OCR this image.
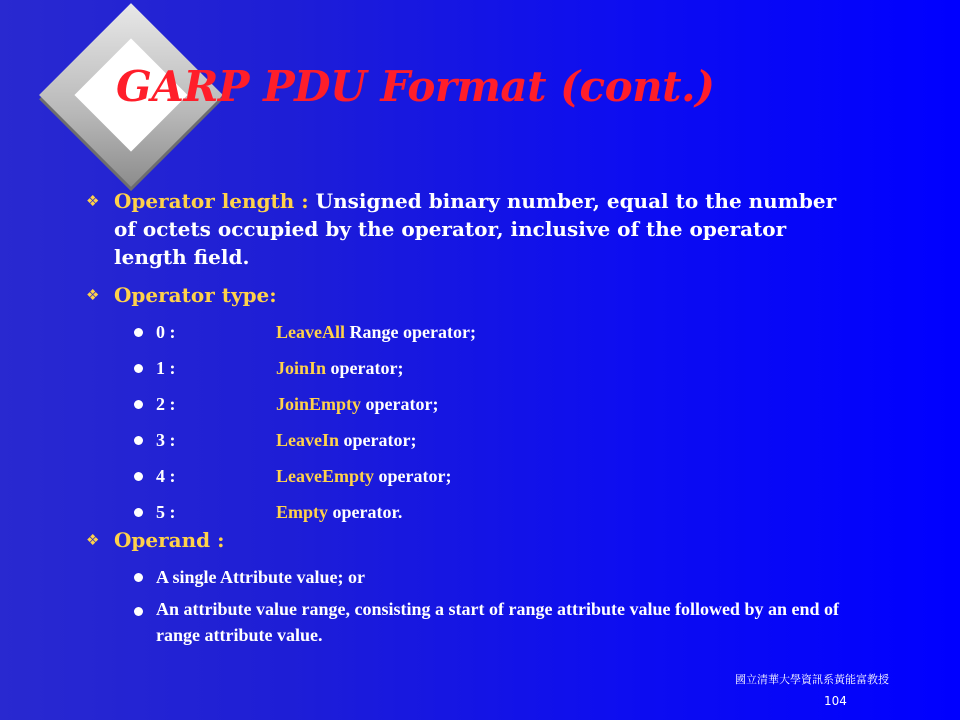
GARP PDU Format (cont.)
❖ Operator length : Unsigned binary number, equal to the number of octets occupied by the operator, inclusive of the operator length field.
❖ Operator type:
0 :	LeaveAll Range operator;
1 :	JoinIn operator;
2 :	JoinEmpty operator;
3 :	LeaveIn operator;
4 :	LeaveEmpty operator;
5 :	Empty operator.
❖ Operand :
A single Attribute value; or
An attribute value range, consisting a start of range attribute value followed by an end of range attribute value.
國立清華大學資訊系黃能富教授
104
